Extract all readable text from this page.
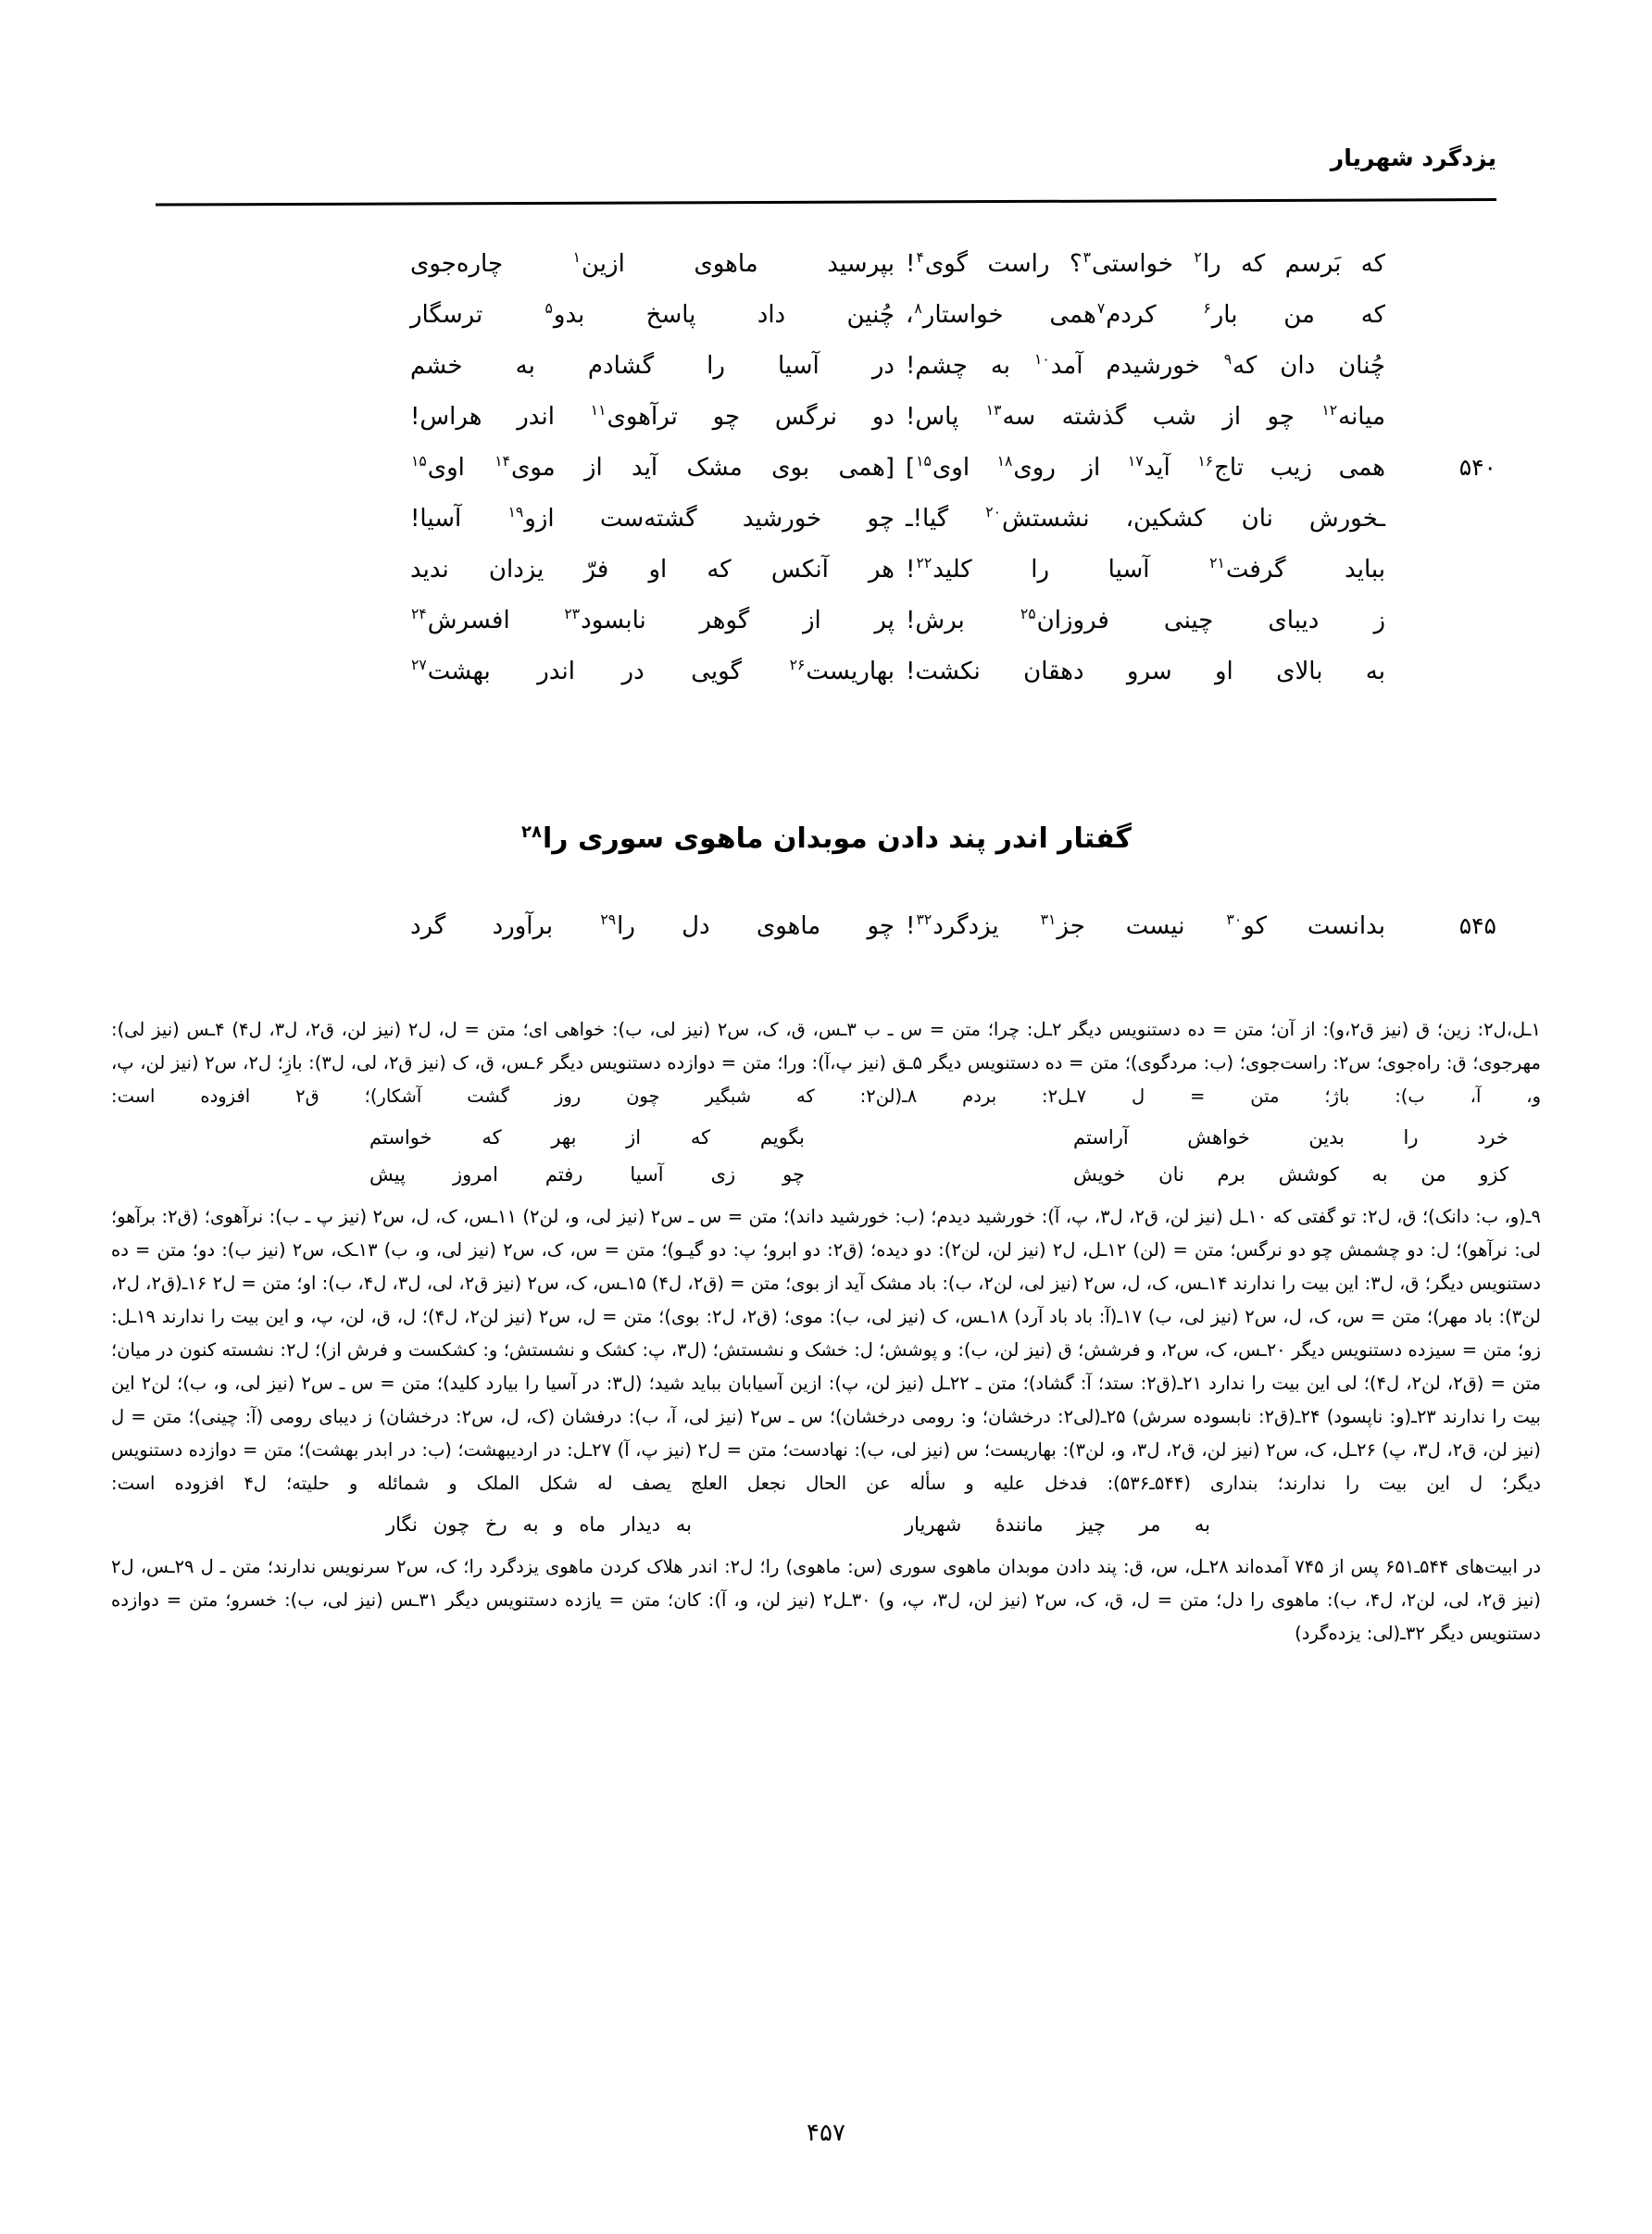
یزدگرد شهریار
که بَرسم که را$^۲$ خواستی$^۳$؟ راست گوی$^۴$!
بپرسید ماهوی ازین$^۱$ چاره‌جوی
که من بار$^۶$ کردم$^۷$همی خواستار$^۸$،
چُنین داد پاسخ بدو$^۵$ ترسگار
چُنان دان که$^۹$ خورشیدم آمد$^{۱۰}$ به چشم!
در آسیا را گشادم به خشم
میانه$^{۱۲}$ چو از شب گذشته سه$^{۱۳}$ پاس!
دو نرگس چو ترآهوی$^{۱۱}$ اندر هراس!
۵۴۰
همی زیب تاج$^{۱۶}$ آید$^{۱۷}$ از روی$^{۱۸}$ اوی$^{۱۵}$]
[همی بوی مشک آید از موی$^{۱۴}$ اوی$^{۱۵}$
ـخورش نان کشکین، نشستش$^{۲۰}$ گیا!ـ
چو خورشید گشته‌ست ازو$^{۱۹}$ آسیا!
بباید گرفت$^{۲۱}$ آسیا را کلید$^{۲۲}$!
هر آنکس که او فرّ یزدان ندید
ز دیبای چینی فروزان$^{۲۵}$ برش!
پر از گوهر نابسود$^{۲۳}$ افسرش$^{۲۴}$
به بالای او سرو دهقان نکشت!
بهاریست$^{۲۶}$ گویی در اندر بهشت$^{۲۷}$
گفتار اندر پند دادن موبدان ماهوی سوری را$^{۲۸}$
۵۴۵
بدانست کو$^{۳۰}$ نیست جز$^{۳۱}$ یزدگرد$^{۳۲}$!
چو ماهوی دل را$^{۲۹}$ برآورد گرد

۱ـل،ل۲: زین؛ ق (نیز ق۲،و): از آن؛ متن = ده دستنویس دیگر ۲ـل: چرا؛ متن = س ـ ب ۳ـس، ق، ک، س۲ (نیز لی، ب): خواهی ای؛ متن = ل، ل۲ (نیز لن، ق۲، ل۳، ل۴) ۴ـس (نیز لی): مهرجوی؛ ق: راه‌جوی؛ س۲: راست‌جوی؛ (ب: مردگوی)؛ متن = ده دستنویس دیگر ۵ـق (نیز پ،آ): ورا؛ متن = دوازده دستنویس دیگر ۶ـس، ق، ک (نیز ق۲، لی، ل۳): بازِ؛ ل۲، س۲ (نیز لن، پ، و، آ، ب): باژ؛ متن = ل ۷ـل۲: بردم ۸ـ(لن۲: که شبگیر چون روز گشت آشکار)؛ ق۲ افزوده است:

خرد را بدین خواهش آراستم
بگویم که از بهر که خواستم
کزو من به کوشش برم نان خویش
چو زی آسیا رفتم امروز پیش

۹ـ(و، ب: دانک)؛ ق، ل۲: تو گفتی که ۱۰ـل (نیز لن، ق۲، ل۳، پ، آ): خورشید دیدم؛ (ب: خورشید داند)؛ متن = س ـ س۲ (نیز لی، و، لن۲) ۱۱ـس، ک، ل، س۲ (نیز پ ـ ب): نرآهوی؛ (ق۲: برآهو؛ لی: نرآهو)؛ ل: دو چشمش چو دو نرگس؛ متن = (لن) ۱۲ـل، ل۲ (نیز لن، لن۲): دو دیده؛ (ق۲: دو ابرو؛ پ: دو گیـو)؛ متن = س، ک، س۲ (نیز لی، و، ب) ۱۳ـک، س۲ (نیز ب): دو؛ متن = ده دستنویس دیگر؛ ق، ل۳: این بیت را ندارند ۱۴ـس، ک، ل، س۲ (نیز لی، لن۲، ب): باد مشک آید از بوی؛ متن = (ق۲، ل۴) ۱۵ـس، ک، س۲ (نیز ق۲، لی، ل۳، ل۴، ب): او؛ متن = ل۲ ۱۶ـ(ق۲، ل۲، لن۳): باد مهر)؛ متن = س، ک، ل، س۲ (نیز لی، ب) ۱۷ـ(آ: باد باد آرد) ۱۸ـس، ک (نیز لی، ب): موی؛ (ق۲، ل۲: بوی)؛ متن = ل، س۲ (نیز لن۲، ل۴)؛ ل، ق، لن، پ، و این بیت را ندارند ۱۹ـل: زو؛ متن = سیزده دستنویس دیگر ۲۰ـس، ک، س۲، و فرشش؛ ق (نیز لن، ب): و پوشش؛ ل: خشک و نشستش؛ (ل۳، پ: کشک و نشستش؛ و: کشکست و فرش از)؛ ل۲: نشسته کنون در میان؛ متن = (ق۲، لن۲، ل۴)؛ لی این بیت را ندارد ۲۱ـ(ق۲: ستد؛ آ: گشاد)؛ متن ـ ۲۲ـل (نیز لن، پ): ازین آسیابان بباید شید؛ (ل۳: در آسیا را بیارد کلید)؛ متن = س ـ س۲ (نیز لی، و، ب)؛ لن۲ این بیت را ندارند ۲۳ـ(و: ناپسود) ۲۴ـ(ق۲: نابسوده سرش) ۲۵ـ(لی۲: درخشان؛ و: رومی درخشان)؛ س ـ س۲ (نیز لی، آ، ب): درفشان (ک، ل، س۲: درخشان) ز دیبای رومی (آ: چینی)؛ متن = ل (نیز لن، ق۲، ل۳، پ) ۲۶ـل، ک، س۲ (نیز لن، ق۲، ل۳، و، لن۳): بهاریست؛ س (نیز لی، ب): نهادست؛ متن = ل۲ (نیز پ، آ) ۲۷ـل: در اردیبهشت؛ (ب: در ابدر بهشت)؛ متن = دوازده دستنویس دیگر؛ ل این بیت را ندارند؛ بنداری (۵۴۴ـ۵۳۶): فدخل علیه و سأله عن الحال نجعل العلج یصف له شکل الملک و شمائله و حلیته؛ ل۴ افزوده است:

به مر چیز مانندهٔ شهریار
به دیدار ماه و به رخ چون نگار

در ابیت‌های ۵۴۴ـ۶۵۱ پس از ۷۴۵ آمده‌اند ۲۸ـل، س، ق: پند دادن موبدان ماهوی سوری (س: ماهوی) را؛ ل۲: اندر هلاک کردن ماهوی یزدگرد را؛ ک، س۲ سرنویس ندارند؛ متن ـ ل ۲۹ـس، ل۲ (نیز ق۲، لی، لن۲، ل۴، ب): ماهوی را دل؛ متن = ل، ق، ک، س۲ (نیز لن، ل۳، پ، و) ۳۰ـل۲ (نیز لن، و، آ): کان؛ متن = یازده دستنویس دیگر ۳۱ـس (نیز لی، ب): خسرو؛ متن = دوازده دستنویس دیگر ۳۲ـ(لی: یزده‌گرد)

۴۵۷
